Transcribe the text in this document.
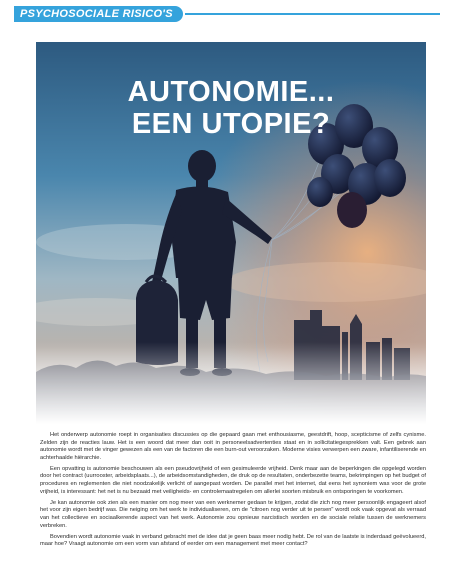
PSYCHOSOCIALE RISICO'S
AUTONOMIE...
EEN UTOPIE?

Het onderwerp autonomie roept in organisaties discussies op die gepaard gaan met enthousiasme, geestdrift, hoop, scepticisme of zelfs cynisme. Zelden zijn de reacties lauw. Het is een woord dat meer dan ooit in personeelsadvertenties staat en in sollicitatiegesprekken valt. Een gebrek aan autonomie wordt met de vinger gewezen als een van de factoren die een burn-out veroorzaken. Moderne visies verwerpen een zware, infantiliserende en achterhaalde hiërarchie.

Een opvatting is autonomie beschouwen als een pseudovrijheid of een gesimuleerde vrijheid. Denk maar aan de beperkingen die opgelegd worden door het contract (uurrooster, arbeidsplaats...), de arbeidsomstandigheden, de druk op de resultaten, onderbezette teams, bekrimpingen op het budget of procedures en reglementen die niet noodzakelijk verlicht of aangepast worden. De parallel met het internet, dat eens het synoniem was voor de grote vrijheid, is interessant: het net is nu bezaaid met veiligheids- en controlemaatregelen om allerlei soorten misbruik en ontsporingen te voorkomen.

Je kan autonomie ook zien als een manier om nog meer van een werknemer gedaan te krijgen, zodat die zich nog meer persoonlijk engageert alsof het voor zijn eigen bedrijf was. Die neiging om het werk te individualiseren, om de "citroen nog verder uit te persen" wordt ook vaak opgevat als verraad van het collectieve en sociaalkerende aspect van het werk. Autonomie zou opnieuw narcistisch worden en de sociale relatie tussen de werknemers verbreken.

Bovendien wordt autonomie vaak in verband gebracht met de idee dat je geen baas meer nodig hebt. De rol van de laatste is inderdaad geëvolueerd, maar hoe? Vraagt autonomie om een vorm van afstand of eerder om een management met meer contact?
